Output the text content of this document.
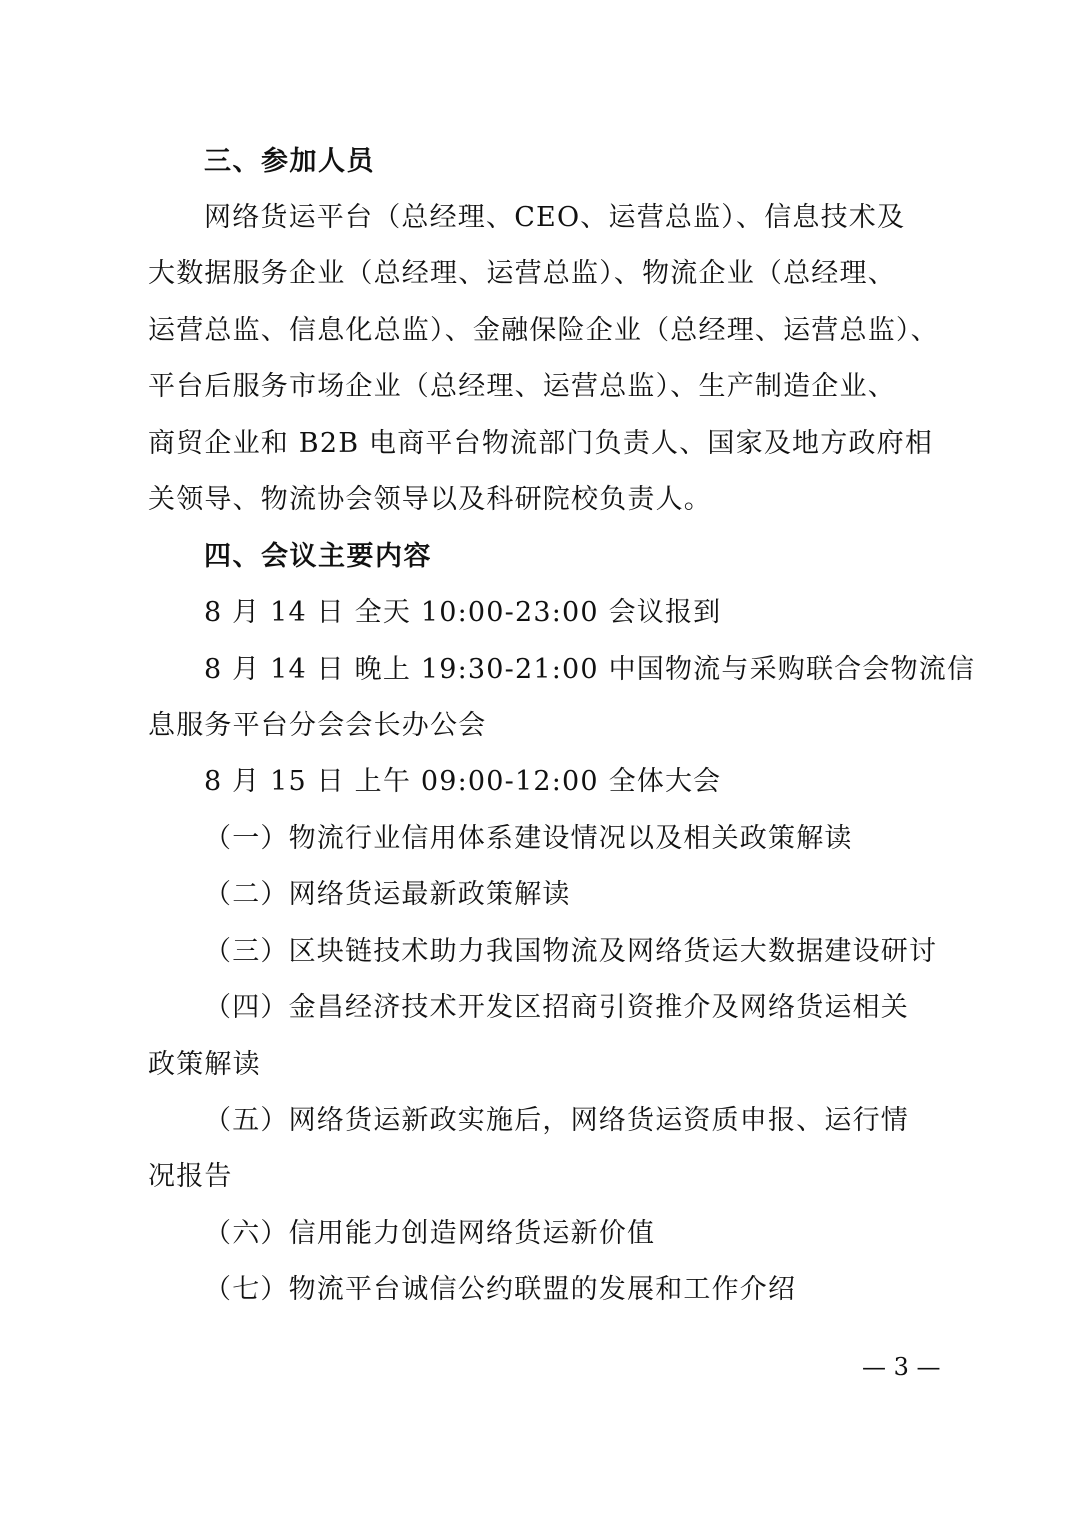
三、参加人员
网络货运平台（总经理、CEO、运营总监）、信息技术及
大数据服务企业（总经理、运营总监）、物流企业（总经理、
运营总监、信息化总监）、金融保险企业（总经理、运营总监）、
平台后服务市场企业（总经理、运营总监）、生产制造企业、
商贸企业和 B2B 电商平台物流部门负责人、国家及地方政府相
关领导、物流协会领导以及科研院校负责人。
四、会议主要内容
8 月 14 日 全天 10:00-23:00 会议报到
8 月 14 日 晚上 19:30-21:00 中国物流与采购联合会物流信
息服务平台分会会长办公会
8 月 15 日 上午 09:00-12:00 全体大会
（一）物流行业信用体系建设情况以及相关政策解读
（二）网络货运最新政策解读
（三）区块链技术助力我国物流及网络货运大数据建设研讨
（四）金昌经济技术开发区招商引资推介及网络货运相关
政策解读
（五）网络货运新政实施后，网络货运资质申报、运行情
况报告
（六）信用能力创造网络货运新价值
（七）物流平台诚信公约联盟的发展和工作介绍
— 3 —
